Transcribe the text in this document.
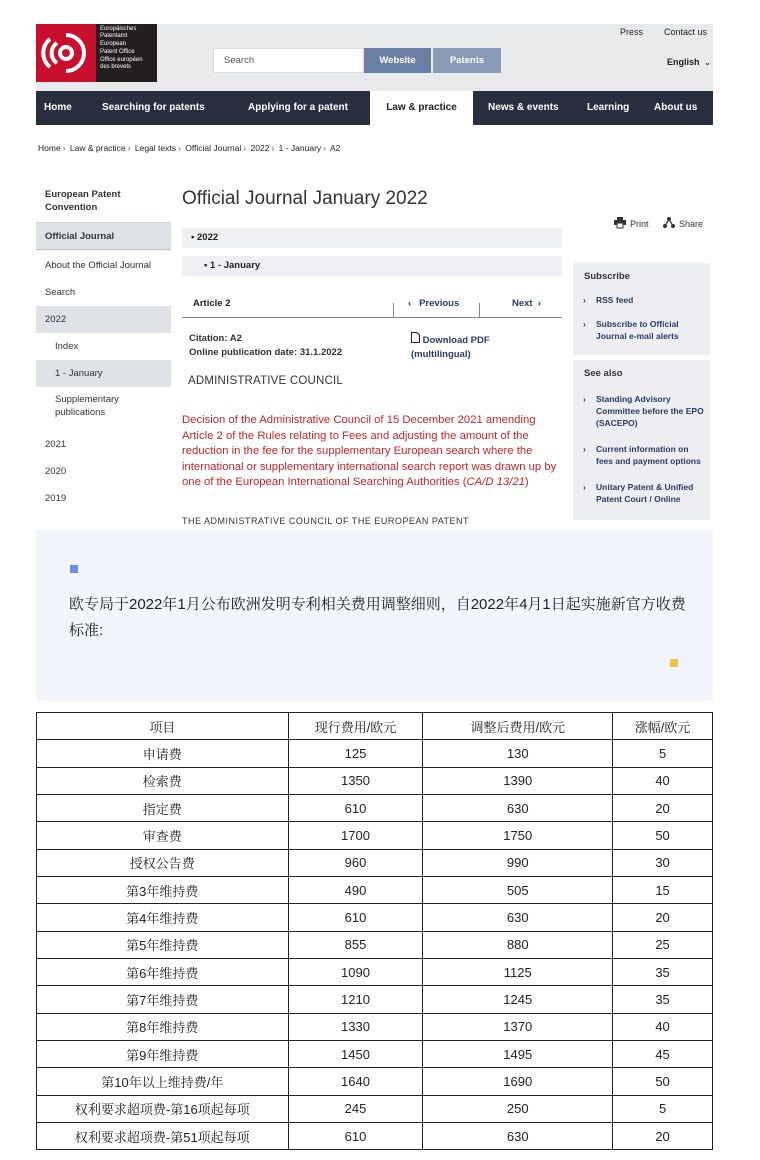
Europäisches
Patentamt
European
Patent Office
Office européen
des brevets
Search	Website	Patents
Press Contact us
English ⌄
Home	Searching for patents	Applying for a patent	Law & practice	News & events	Learning About us
Home › Law & practice › Legal texts › Official Journal › 2022 › 1 - January › A2
European Patent Convention
Official Journal
About the Official Journal
Search
2022
Index
1 - January
Supplementary publications
2021
2020
2019
Official Journal January 2022
Print	Share
▪ 2022
▪ 1 - January
Article 2	‹ Previous	Next ›
Citation: A2
Online publication date: 31.1.2022
Download PDF
(multilingual)
ADMINISTRATIVE COUNCIL
Decision of the Administrative Council of 15 December 2021 amending Article 2 of the Rules relating to Fees and adjusting the amount of the reduction in the fee for the supplementary European search where the international or supplementary international search report was drawn up by one of the European International Searching Authorities (CA/D 13/21)
THE ADMINISTRATIVE COUNCIL OF THE EUROPEAN PATENT
Subscribe
› RSS feed
› Subscribe to Official Journal e-mail alerts
See also
› Standing Advisory Committee before the EPO (SACEPO)
› Current information on fees and payment options
› Unitary Patent & Unified Patent Court / Online
欧专局于2022年1月公布欧洲发明专利相关费用调整细则，自2022年4月1日起实施新官方收费标准:
项目	现行费用/欧元	调整后费用/欧元	涨幅/欧元
申请费	125	130	5
检索费	1350	1390	40
指定费	610	630	20
审查费	1700	1750	50
授权公告费	960	990	30
第3年维持费	490	505	15
第4年维持费	610	630	20
第5年维持费	855	880	25
第6年维持费	1090	1125	35
第7年维持费	1210	1245	35
第8年维持费	1330	1370	40
第9年维持费	1450	1495	45
第10年以上维持费/年	1640	1690	50
权利要求超项费-第16项起每项	245	250	5
权利要求超项费-第51项起每项	610	630	20
